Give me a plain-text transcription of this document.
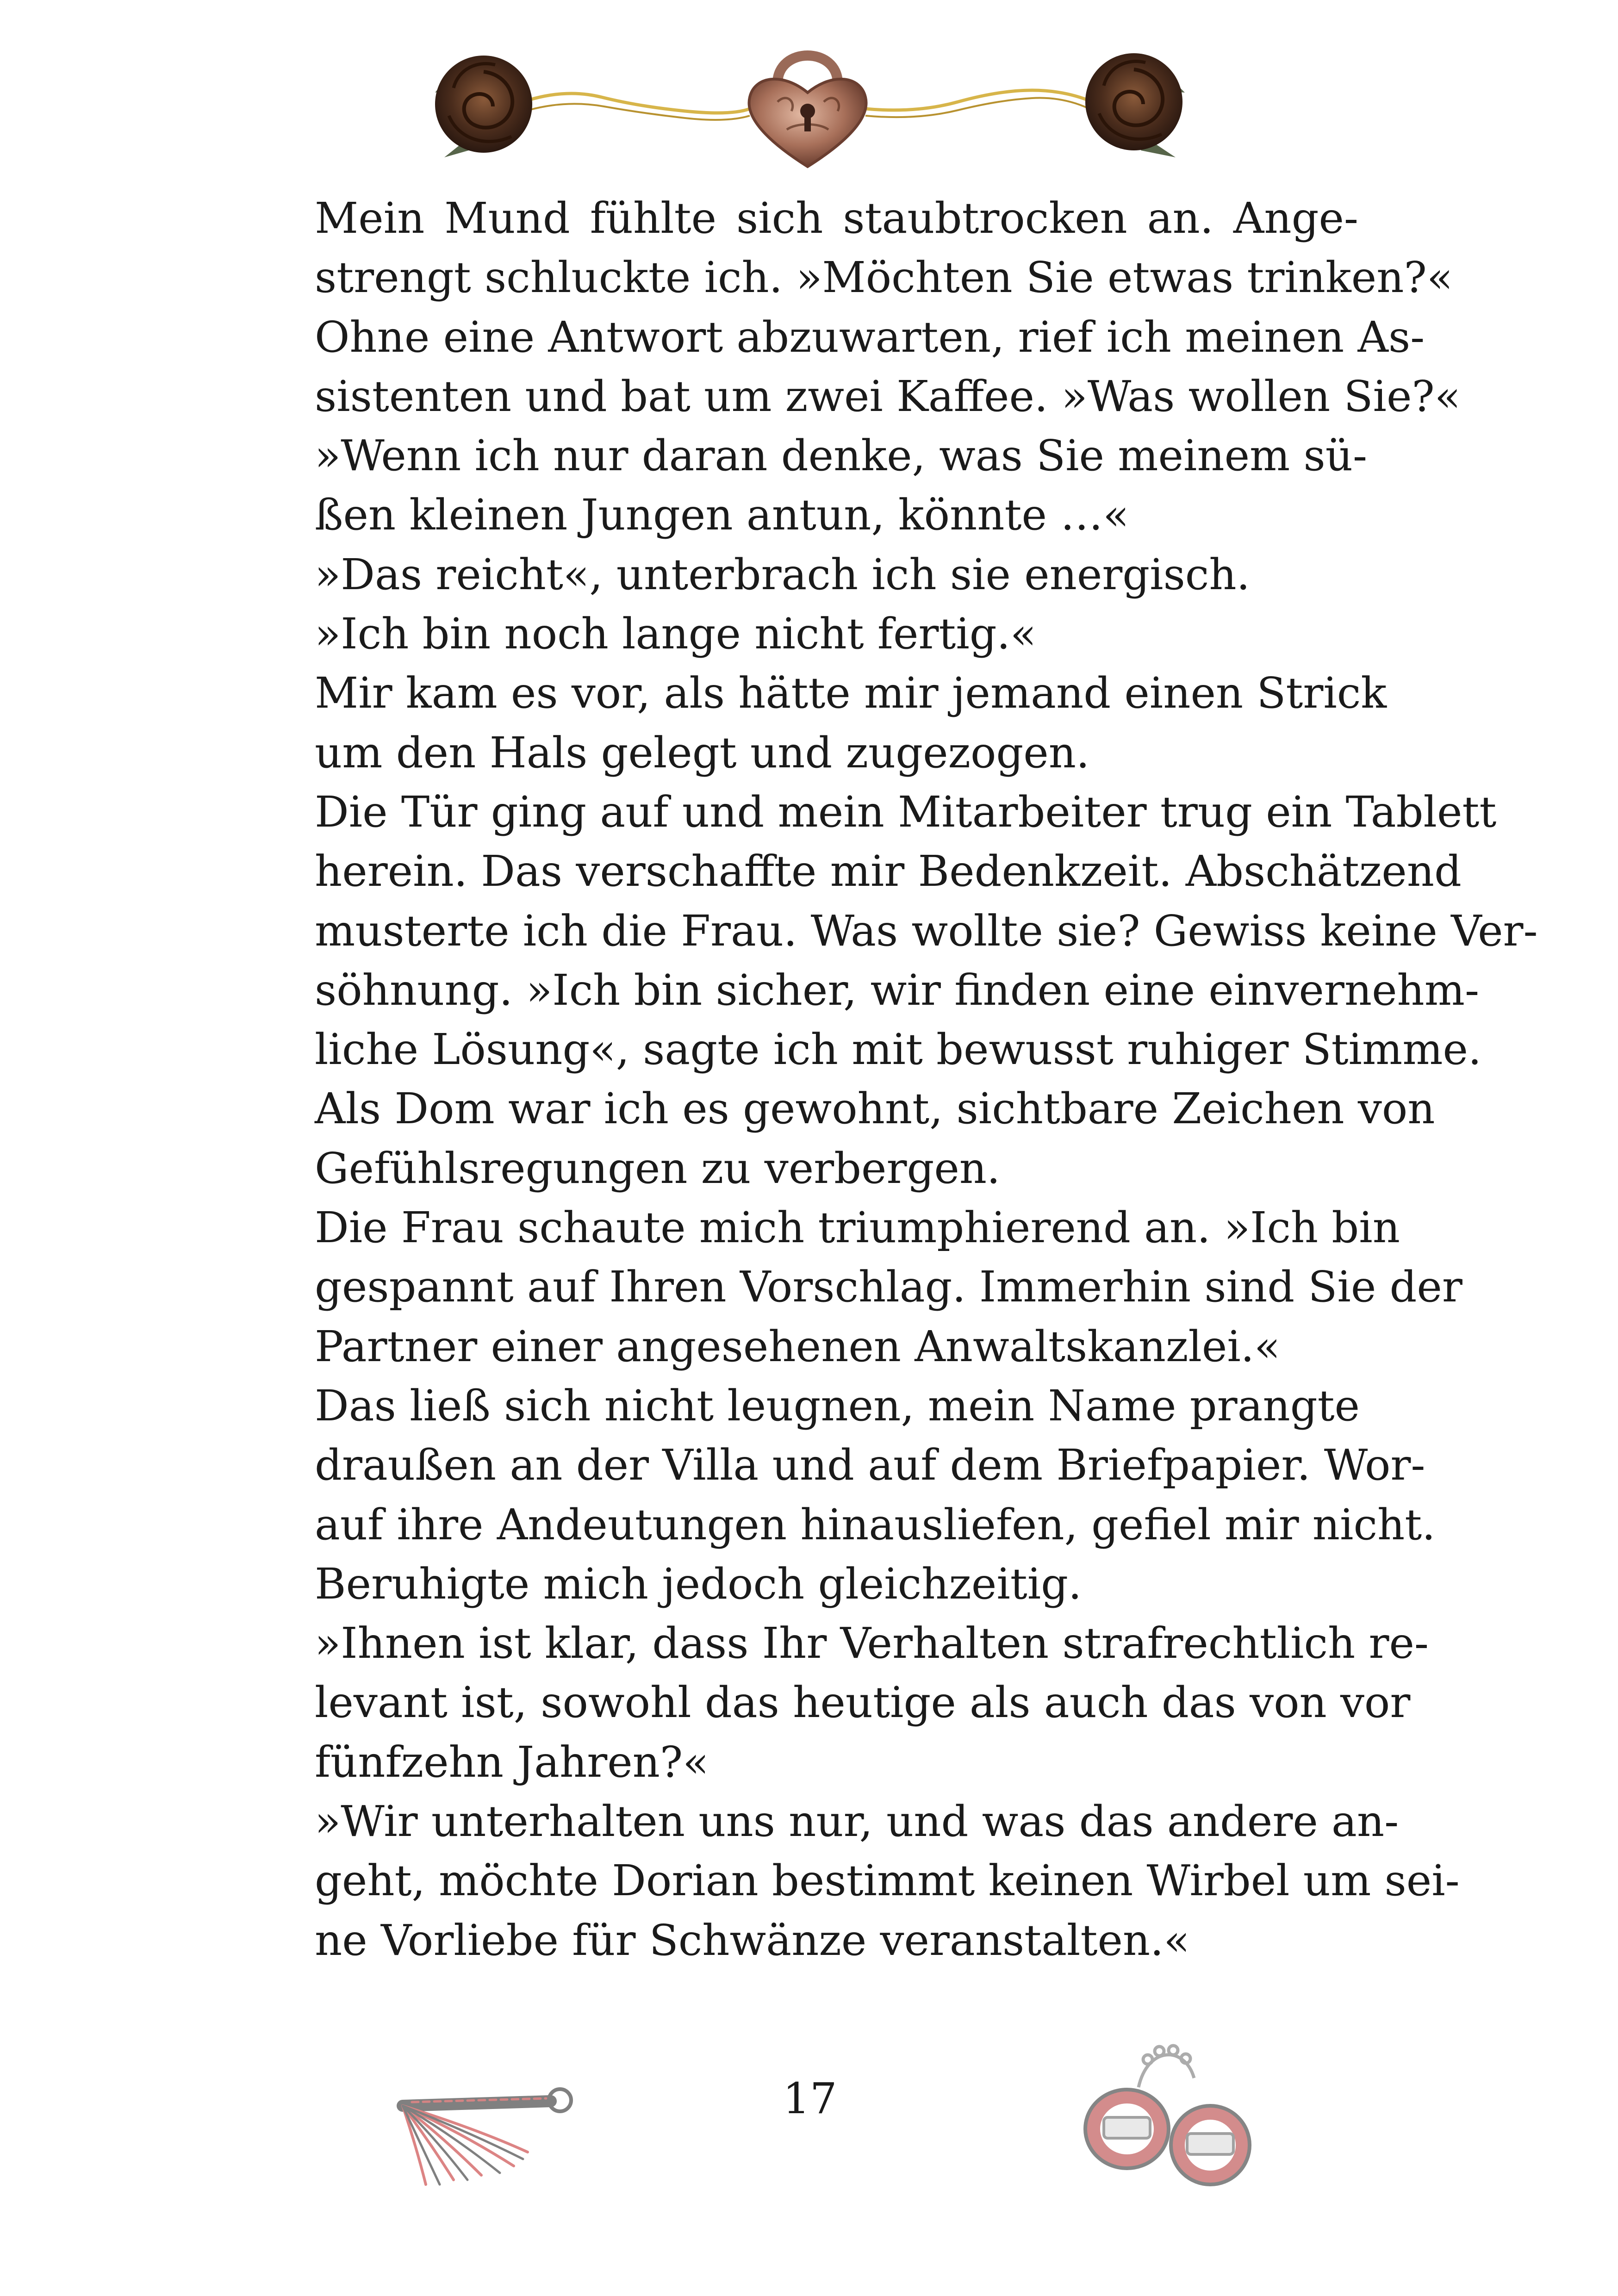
Mein Mund fühlte sich staubtrocken an. Ange-
strengt schluckte ich. »Möchten Sie etwas trinken?«

Ohne eine Antwort abzuwarten, rief ich meinen As-
sistenten und bat um zwei Kaffee. »Was wollen Sie?«

»Wenn ich nur daran denke, was Sie meinem sü-
ßen kleinen Jungen antun, könnte …«

»Das reicht«, unterbrach ich sie energisch.

»Ich bin noch lange nicht fertig.«

Mir kam es vor, als hätte mir jemand einen Strick
um den Hals gelegt und zugezogen.

Die Tür ging auf und mein Mitarbeiter trug ein Tablett
herein. Das verschaffte mir Bedenkzeit. Abschätzend
musterte ich die Frau. Was wollte sie? Gewiss keine Ver-
söhnung. »Ich bin sicher, wir finden eine einvernehm-
liche Lösung«, sagte ich mit bewusst ruhiger Stimme.
Als Dom war ich es gewohnt, sichtbare Zeichen von
Gefühlsregungen zu verbergen.

Die Frau schaute mich triumphierend an. »Ich bin
gespannt auf Ihren Vorschlag. Immerhin sind Sie der
Partner einer angesehenen Anwaltskanzlei.«

Das ließ sich nicht leugnen, mein Name prangte
draußen an der Villa und auf dem Briefpapier. Wor-
auf ihre Andeutungen hinausliefen, gefiel mir nicht.
Beruhigte mich jedoch gleichzeitig.

»Ihnen ist klar, dass Ihr Verhalten strafrechtlich re-
levant ist, sowohl das heutige als auch das von vor
fünfzehn Jahren?«

»Wir unterhalten uns nur, und was das andere an-
geht, möchte Dorian bestimmt keinen Wirbel um sei-
ne Vorliebe für Schwänze veranstalten.«

17
